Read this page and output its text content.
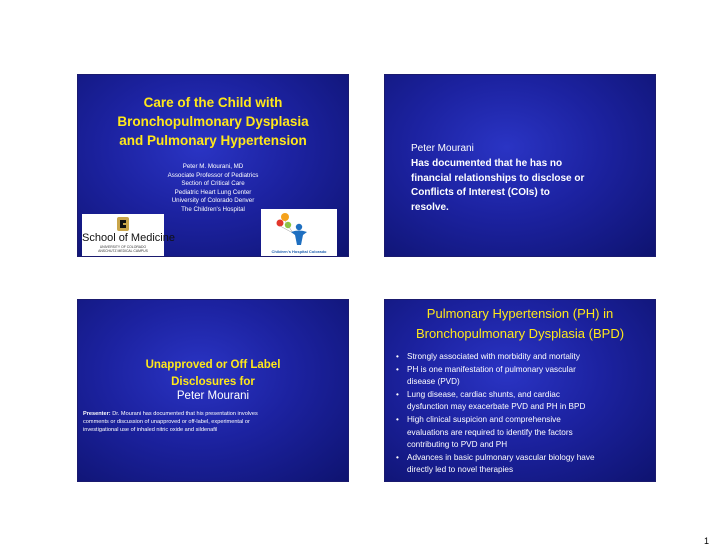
Care of the Child with
Bronchopulmonary Dysplasia
and Pulmonary Hypertension
Peter M. Mourani, MD
Associate Professor of Pediatrics
Section of Critical Care
Pediatric Heart Lung Center
University of Colorado Denver
The Children's Hospital
School of Medicine
UNIVERSITY OF COLORADO
ANSCHUTZ MEDICAL CAMPUS	Children's Hospital Colorado
Peter Mourani
Has documented that he has no
financial relationships to disclose or
Conflicts of Interest (COIs) to
resolve.
Unapproved or Off Label
Disclosures for
Peter Mourani
Presenter: Dr. Mourani has documented that his presentation involves
comments or discussion of unapproved or off-label, experimental or
investigational use of inhaled nitric oxide and sildenafil
Pulmonary Hypertension (PH) in
Bronchopulmonary Dysplasia (BPD)
• Strongly associated with morbidity and mortality
• PH is one manifestation of pulmonary vascular
disease (PVD)
• Lung disease, cardiac shunts, and cardiac
dysfunction may exacerbate PVD and PH in BPD
• High clinical suspicion and comprehensive
evaluations are required to identify the factors
contributing to PVD and PH
• Advances in basic pulmonary vascular biology have
directly led to novel therapies
1
